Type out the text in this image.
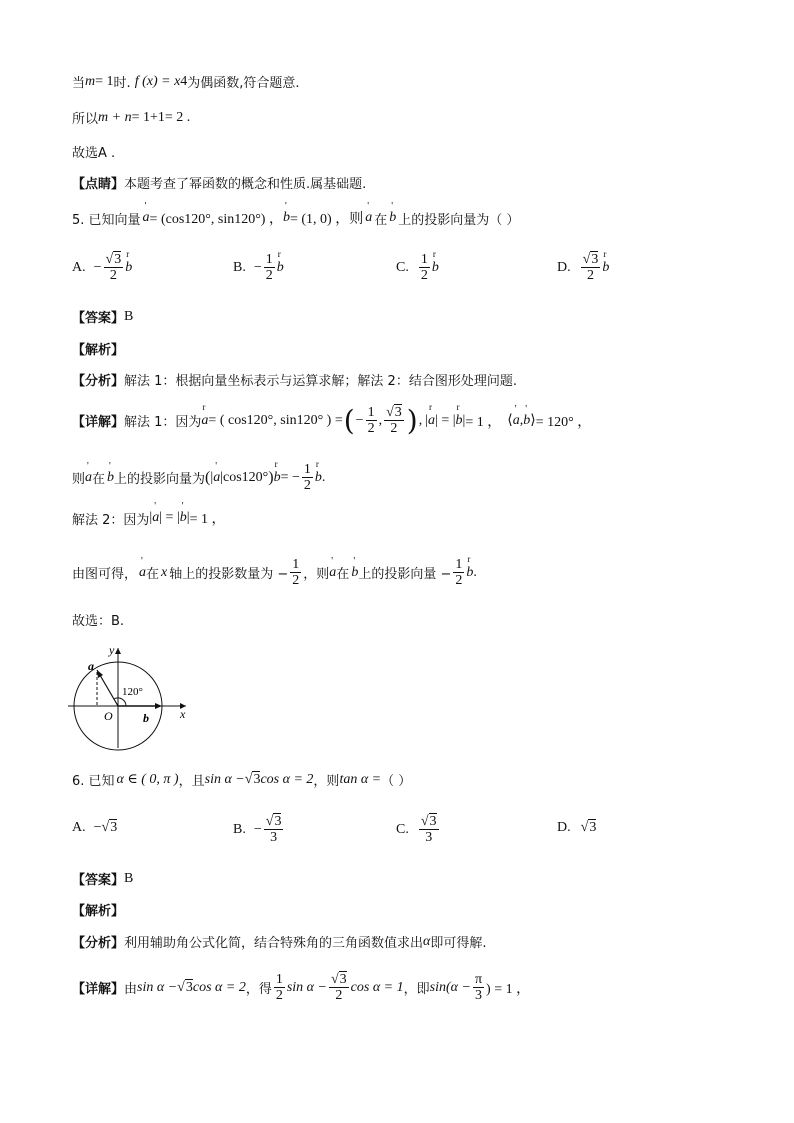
当 m = 1 时. f (x) = x 4 为偶函数,符合题意.
所以 m + n = 1+1= 2 .
故选A .
【点睛】 本题考查了幂函数的概念和性质.属基础题.
5. 已知向量 ' a = (cos120°, sin120°) ， ' b = (1, 0) ，则 ' a 在 ' b 上的投影向量为（ ）
A. − $\frac{√3}{2}$ r b	B. − $\frac{1}{2}$ r b	C. $\frac{1}{2}$ r b	D. $\frac{√3}{2}$ r b
【答案】 B
【解析】
【分析】 解法 1：根据向量坐标表示与运算求解；解法 2：结合图形处理问题.
【详解】 解法 1：因为 r a = ( cos120°, sin120° ) = ( − $\frac{1}{2}$ , $\frac{√3}{2}$ ) , | r a | = | r b | = 1 ， ⟨ ' a , ' b ⟩ = 120° ，
则 ' a 在 ' b 上的投影向量为 ( | ' a | cos120° ) r b = − $\frac{1}{2}$ r b .
解法 2：因为 | ' a | = | ' b | = 1 ，
由图可得， ' a 在 x 轴上的投影数量为 − $\frac{1}{2}$ ，则 ' a 在 ' b 上的投影向量 − $\frac{1}{2}$ r b .
故选：B.
120°
y
x
O
a
b
6. 已知 α ∈ ( 0, π ) ，且 sin α − √3 cos α = 2 ，则 tan α = （ ）
A. − √3	B. − $\frac{√3}{3}$	C. $\frac{√3}{3}$	D. √3
【答案】 B
【解析】
【分析】 利用辅助角公式化简，结合特殊角的三角函数值求出 α 即可得解.
【详解】 由 sin α − √3 cos α = 2 ，得 $\frac{1}{2}$ $\sin \alpha - \frac{√3}{2}$ cos α = 1 ，即 $\sin(\alpha - \frac{\pi}{3}$ ) = 1 ，
